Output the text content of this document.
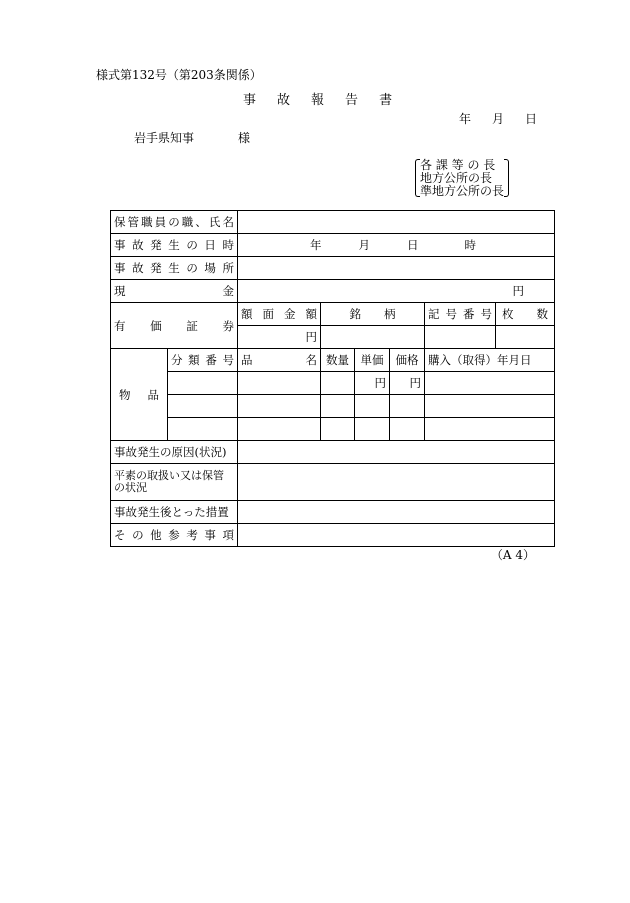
様式第132号（第203条関係）
事 故 報 告 書
年 月 日
岩手県知事	様
各 課 等 の 長
地方公所の長
準地方公所の長
保管職員の職、氏名						
事故発生の日時		年 月 日 時				
事故発生の場所						
現金		円				
有価証券		額面金額	銘　　柄			記号番号 枚　　数

		円				

物品	分類番号	品　　名	数量	単価	価格	購入（取得）年月日
				円	円	

事故発生の原因(状況)						
平素の取扱い又は保管の状況						
事故発生後とった措置						
その他参考事項						
（A 4）
